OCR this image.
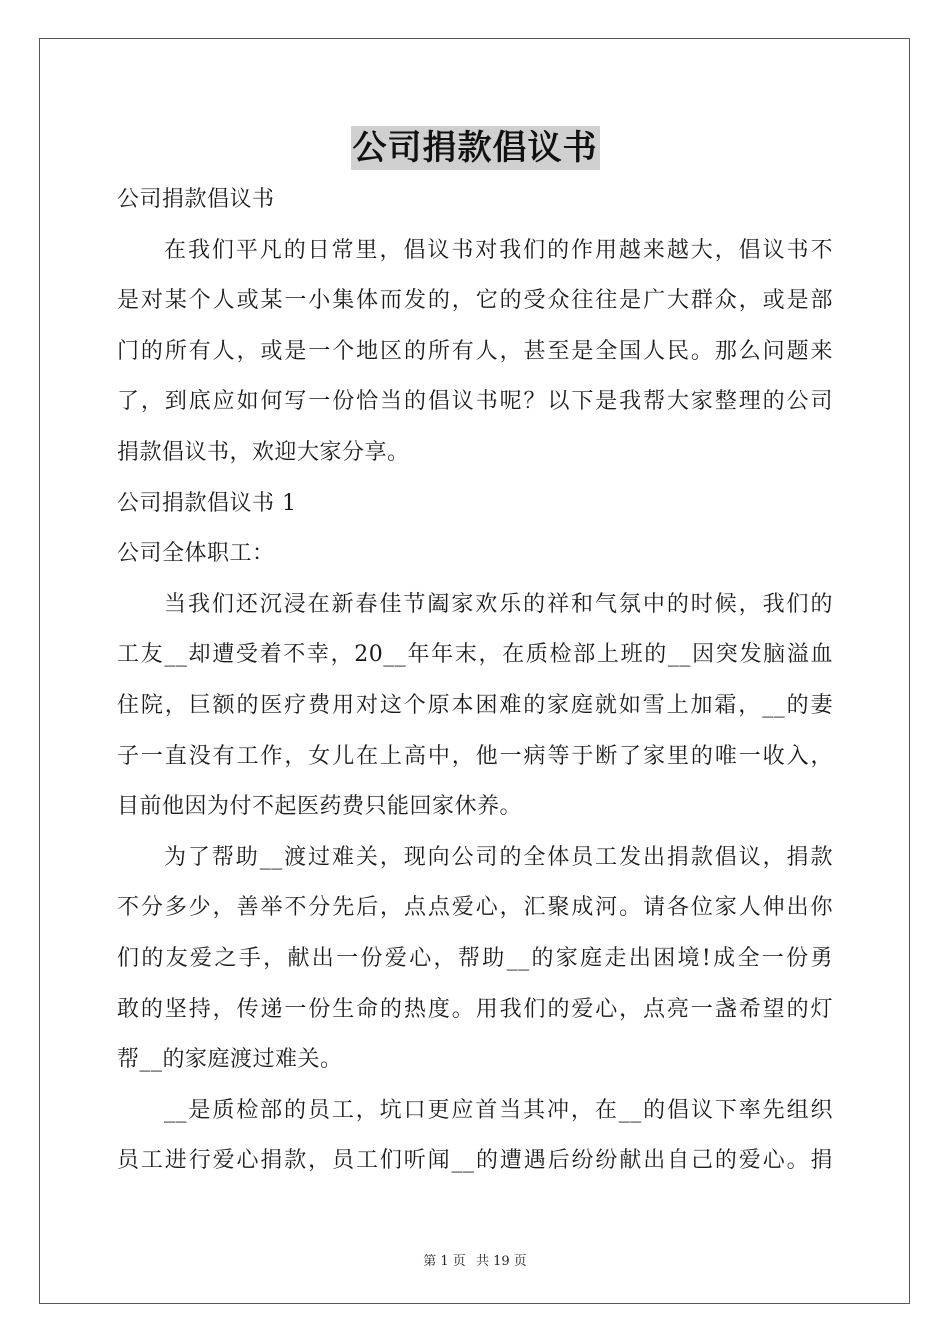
公司捐款倡议书

公司捐款倡议书

在我们平凡的日常里，倡议书对我们的作用越来越大，倡议书不

是对某个人或某一小集体而发的，它的受众往往是广大群众，或是部

门的所有人，或是一个地区的所有人，甚至是全国人民。那么问题来

了，到底应如何写一份恰当的倡议书呢？以下是我帮大家整理的公司

捐款倡议书，欢迎大家分享。

公司捐款倡议书 1

公司全体职工：

当我们还沉浸在新春佳节阖家欢乐的祥和气氛中的时候，我们的

工友__却遭受着不幸，20__年年末，在质检部上班的__因突发脑溢血

住院，巨额的医疗费用对这个原本困难的家庭就如雪上加霜，__的妻

子一直没有工作，女儿在上高中，他一病等于断了家里的唯一收入，

目前他因为付不起医药费只能回家休养。

为了帮助__渡过难关，现向公司的全体员工发出捐款倡议，捐款

不分多少，善举不分先后，点点爱心，汇聚成河。请各位家人伸出你

们的友爱之手，献出一份爱心，帮助__的家庭走出困境!成全一份勇

敢的坚持，传递一份生命的热度。用我们的爱心，点亮一盏希望的灯

帮__的家庭渡过难关。

__是质检部的员工，坑口更应首当其冲，在__的倡议下率先组织

员工进行爱心捐款，员工们听闻__的遭遇后纷纷献出自己的爱心。捐

第 1 页 共 19 页
